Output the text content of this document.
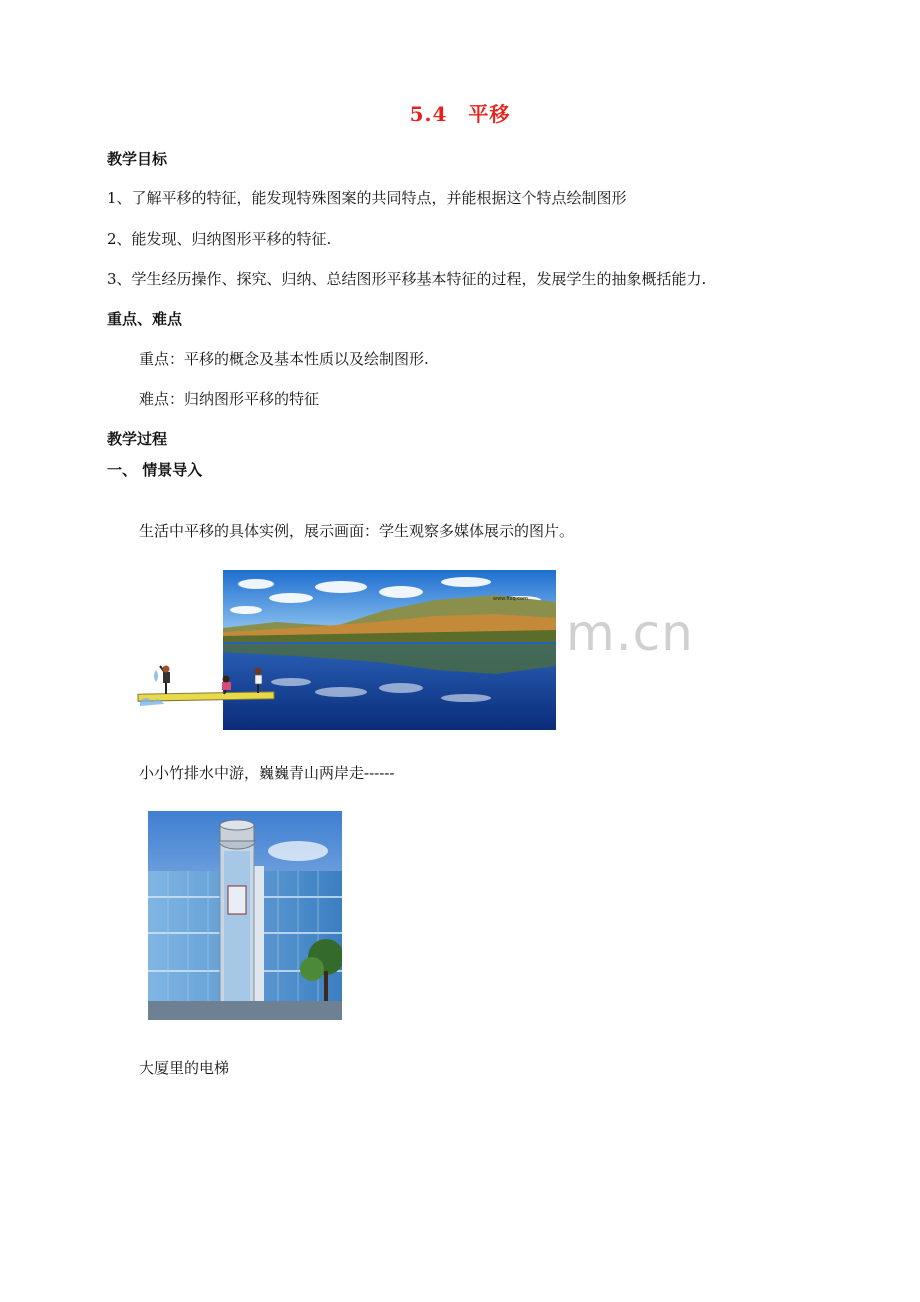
5.4　平移
教学目标
1、了解平移的特征，能发现特殊图案的共同特点，并能根据这个特点绘制图形
2、能发现、归纳图形平移的特征.
3、学生经历操作、探究、归纳、总结图形平移基本特征的过程，发展学生的抽象概括能力.
重点、难点
重点：平移的概念及基本性质以及绘制图形.
难点：归纳图形平移的特征
教学过程
一、 情景导入
生活中平移的具体实例，展示画面：学生观察多媒体展示的图片。
www.fixq.com
m.cn
小小竹排水中游，巍巍青山两岸走------
大厦里的电梯
